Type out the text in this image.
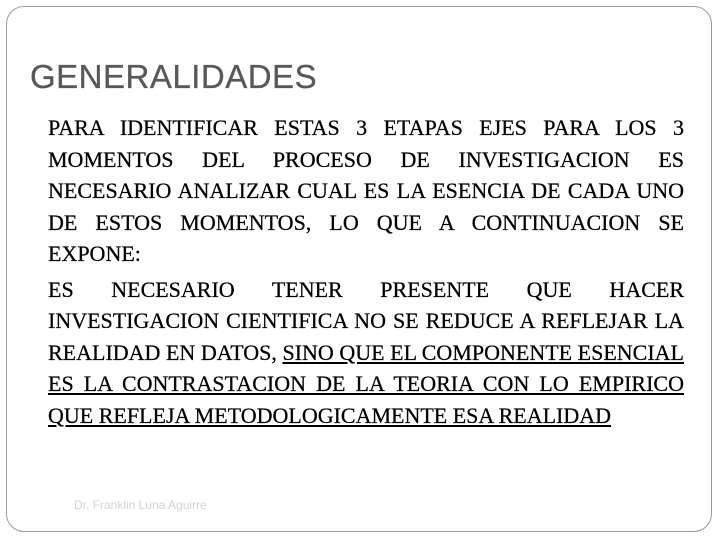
GENERALIDADES

PARA IDENTIFICAR ESTAS 3 ETAPAS EJES PARA LOS 3 MOMENTOS DEL PROCESO DE INVESTIGACION ES NECESARIO ANALIZAR CUAL ES LA ESENCIA DE CADA UNO DE ESTOS MOMENTOS, LO QUE A CONTINUACION SE EXPONE:

ES NECESARIO TENER PRESENTE QUE HACER INVESTIGACION CIENTIFICA NO SE REDUCE A REFLEJAR LA REALIDAD EN DATOS, SINO QUE EL COMPONENTE ESENCIAL ES LA CONTRASTACION DE LA TEORIA CON LO EMPIRICO QUE REFLEJA METODOLOGICAMENTE ESA REALIDAD

Dr. Franklin Luna Aguirre
